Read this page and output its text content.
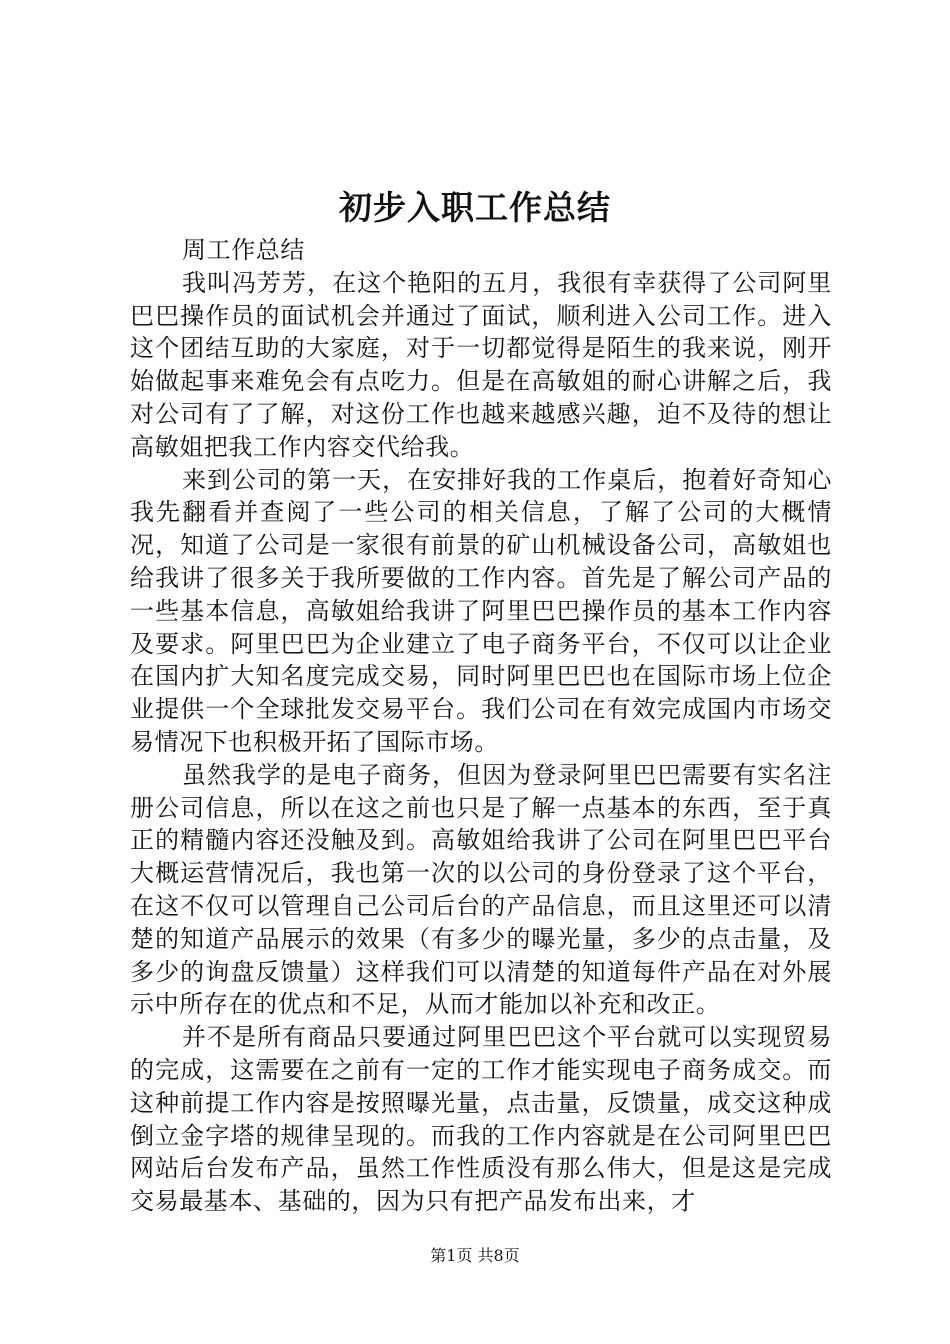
初步入职工作总结

周工作总结

我叫冯芳芳，在这个艳阳的五月，我很有幸获得了公司阿里巴巴操作员的面试机会并通过了面试，顺利进入公司工作。进入这个团结互助的大家庭，对于一切都觉得是陌生的我来说，刚开始做起事来难免会有点吃力。但是在高敏姐的耐心讲解之后，我对公司有了了解，对这份工作也越来越感兴趣，迫不及待的想让高敏姐把我工作内容交代给我。

来到公司的第一天，在安排好我的工作桌后，抱着好奇知心我先翻看并查阅了一些公司的相关信息，了解了公司的大概情况，知道了公司是一家很有前景的矿山机械设备公司，高敏姐也给我讲了很多关于我所要做的工作内容。首先是了解公司产品的一些基本信息，高敏姐给我讲了阿里巴巴操作员的基本工作内容及要求。阿里巴巴为企业建立了电子商务平台，不仅可以让企业在国内扩大知名度完成交易，同时阿里巴巴也在国际市场上位企业提供一个全球批发交易平台。我们公司在有效完成国内市场交易情况下也积极开拓了国际市场。

虽然我学的是电子商务，但因为登录阿里巴巴需要有实名注册公司信息，所以在这之前也只是了解一点基本的东西，至于真正的精髓内容还没触及到。高敏姐给我讲了公司在阿里巴巴平台大概运营情况后，我也第一次的以公司的身份登录了这个平台，在这不仅可以管理自己公司后台的产品信息，而且这里还可以清楚的知道产品展示的效果（有多少的曝光量，多少的点击量，及多少的询盘反馈量）这样我们可以清楚的知道每件产品在对外展示中所存在的优点和不足，从而才能加以补充和改正。

并不是所有商品只要通过阿里巴巴这个平台就可以实现贸易的完成，这需要在之前有一定的工作才能实现电子商务成交。而这种前提工作内容是按照曝光量，点击量，反馈量，成交这种成倒立金字塔的规律呈现的。而我的工作内容就是在公司阿里巴巴网站后台发布产品，虽然工作性质没有那么伟大，但是这是完成交易最基本、基础的，因为只有把产品发布出来，才

第1页 共8页
